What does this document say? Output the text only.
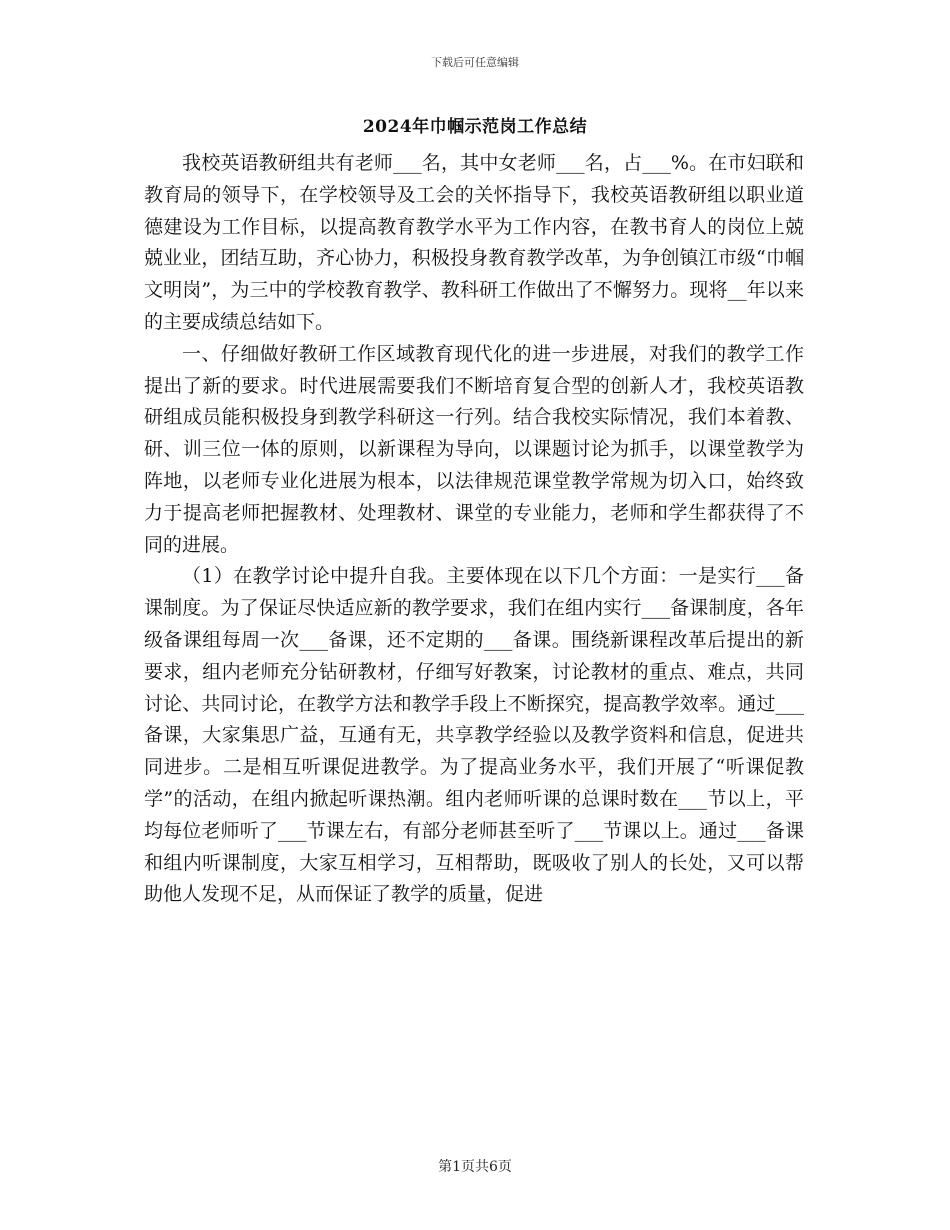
下载后可任意编辑
2024年巾帼示范岗工作总结

我校英语教研组共有老师___名，其中女老师___名，占___%。在市妇联和教育局的领导下，在学校领导及工会的关怀指导下，我校英语教研组以职业道德建设为工作目标，以提高教育教学水平为工作内容，在教书育人的岗位上兢兢业业，团结互助，齐心协力，积极投身教育教学改革，为争创镇江市级“巾帼文明岗”，为三中的学校教育教学、教科研工作做出了不懈努力。现将__年以来的主要成绩总结如下。

一、仔细做好教研工作区域教育现代化的进一步进展，对我们的教学工作提出了新的要求。时代进展需要我们不断培育复合型的创新人才，我校英语教研组成员能积极投身到教学科研这一行列。结合我校实际情况，我们本着教、研、训三位一体的原则，以新课程为导向，以课题讨论为抓手，以课堂教学为阵地，以老师专业化进展为根本，以法律规范课堂教学常规为切入口，始终致力于提高老师把握教材、处理教材、课堂的专业能力，老师和学生都获得了不同的进展。

（1）在教学讨论中提升自我。主要体现在以下几个方面：一是实行___备课制度。为了保证尽快适应新的教学要求，我们在组内实行___备课制度，各年级备课组每周一次___备课，还不定期的___备课。围绕新课程改革后提出的新要求，组内老师充分钻研教材，仔细写好教案，讨论教材的重点、难点，共同讨论、共同讨论，在教学方法和教学手段上不断探究，提高教学效率。通过___备课，大家集思广益，互通有无，共享教学经验以及教学资料和信息，促进共同进步。二是相互听课促进教学。为了提高业务水平，我们开展了“听课促教学”的活动，在组内掀起听课热潮。组内老师听课的总课时数在___节以上，平均每位老师听了___节课左右，有部分老师甚至听了___节课以上。通过___备课和组内听课制度，大家互相学习，互相帮助，既吸收了别人的长处，又可以帮助他人发现不足，从而保证了教学的质量，促进

第1页共6页
